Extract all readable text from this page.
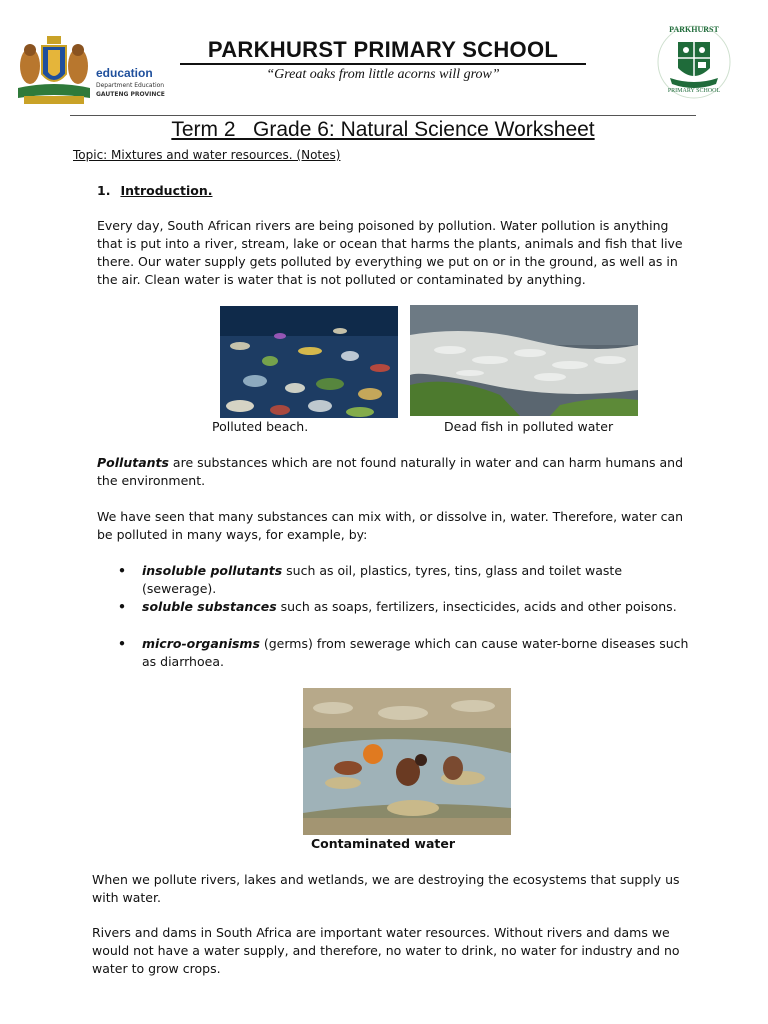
education
Department Education
GAUTENG PROVINCE
PARKHURST PRIMARY SCHOOL
“Great oaks from little acorns will grow”
PARKHURST
PRIMARY SCHOOL
Term 2   Grade 6: Natural Science Worksheet
Topic: Mixtures and water resources. (Notes)
1. Introduction.
Every day, South African rivers are being poisoned by pollution. Water pollution is anything that is put into a river, stream, lake or ocean that harms the plants, animals and fish that live there. Our water supply gets polluted by everything we put on or in the ground, as well as in the air. Clean water is water that is not polluted or contaminated by anything.
Polluted beach.	Dead fish in polluted water
Pollutants are substances which are not found naturally in water and can harm humans and the environment.
We have seen that many substances can mix with, or dissolve in, water. Therefore, water can be polluted in many ways, for example, by:
• insoluble pollutants such as oil, plastics, tyres, tins, glass and toilet waste (sewerage).
• soluble substances such as soaps, fertilizers, insecticides, acids and other poisons.
• micro-organisms (germs) from sewerage which can cause water-borne diseases such as diarrhoea.
Contaminated water
When we pollute rivers, lakes and wetlands, we are destroying the ecosystems that supply us with water.
Rivers and dams in South Africa are important water resources. Without rivers and dams we would not have a water supply, and therefore, no water to drink, no water for industry and no water to grow crops.
